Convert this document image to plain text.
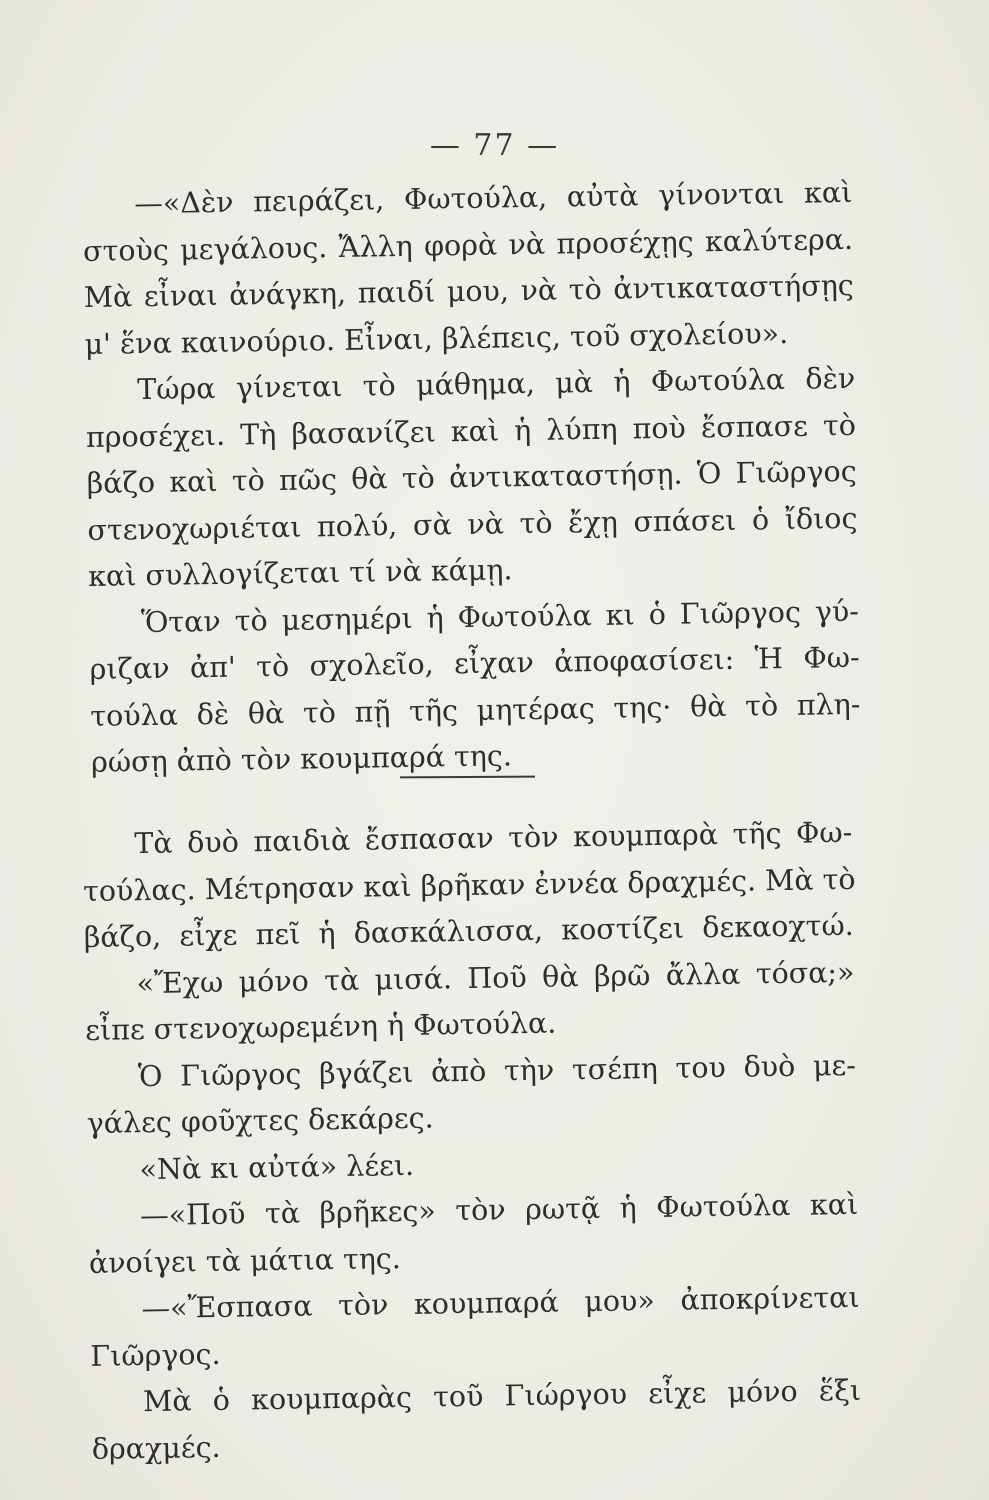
— 77 —
—«Δὲν πειράζει, Φωτούλα, αὐτὰ γίνονται καὶ
στοὺς μεγάλους. Ἄλλη φορὰ νὰ προσέχῃς καλύτερα.
Μὰ εἶναι ἀνάγκη, παιδί μου, νὰ τὸ ἀντικαταστήσῃς
μ' ἕνα καινούριο. Εἶναι, βλέπεις, τοῦ σχολείου».
Τώρα γίνεται τὸ μάθημα, μὰ ἡ Φωτούλα δὲν
προσέχει. Τὴ βασανίζει καὶ ἡ λύπη ποὺ ἔσπασε τὸ
βάζο καὶ τὸ πῶς θὰ τὸ ἀντικαταστήσῃ. Ὁ Γιῶργος
στενοχωριέται πολύ, σὰ νὰ τὸ ἔχῃ σπάσει ὁ ἴδιος
καὶ συλλογίζεται τί νὰ κάμῃ.
Ὅταν τὸ μεσημέρι ἡ Φωτούλα κι ὁ Γιῶργος γύ-
ριζαν ἀπ' τὸ σχολεῖο, εἶχαν ἀποφασίσει: Ἡ Φω-
τούλα δὲ θὰ τὸ πῇ τῆς μητέρας της· θὰ τὸ πλη-
ρώσῃ ἀπὸ τὸν κουμπαρά της.
Τὰ δυὸ παιδιὰ ἔσπασαν τὸν κουμπαρὰ τῆς Φω-
τούλας. Μέτρησαν καὶ βρῆκαν ἐννέα δραχμές. Μὰ τὸ
βάζο, εἶχε πεῖ ἡ δασκάλισσα, κοστίζει δεκαοχτώ.
«Ἔχω μόνο τὰ μισά. Ποῦ θὰ βρῶ ἄλλα τόσα;»
εἶπε στενοχωρεμένη ἡ Φωτούλα.
Ὁ Γιῶργος βγάζει ἀπὸ τὴν τσέπη του δυὸ με-
γάλες φοῦχτες δεκάρες.
«Νὰ κι αὐτά» λέει.
—«Ποῦ τὰ βρῆκες» τὸν ρωτᾷ ἡ Φωτούλα καὶ
ἀνοίγει τὰ μάτια της.
—«Ἔσπασα τὸν κουμπαρά μου» ἀποκρίνεται
Γιῶργος.
Μὰ ὁ κουμπαρὰς τοῦ Γιώργου εἶχε μόνο ἕξι
δραχμές.
